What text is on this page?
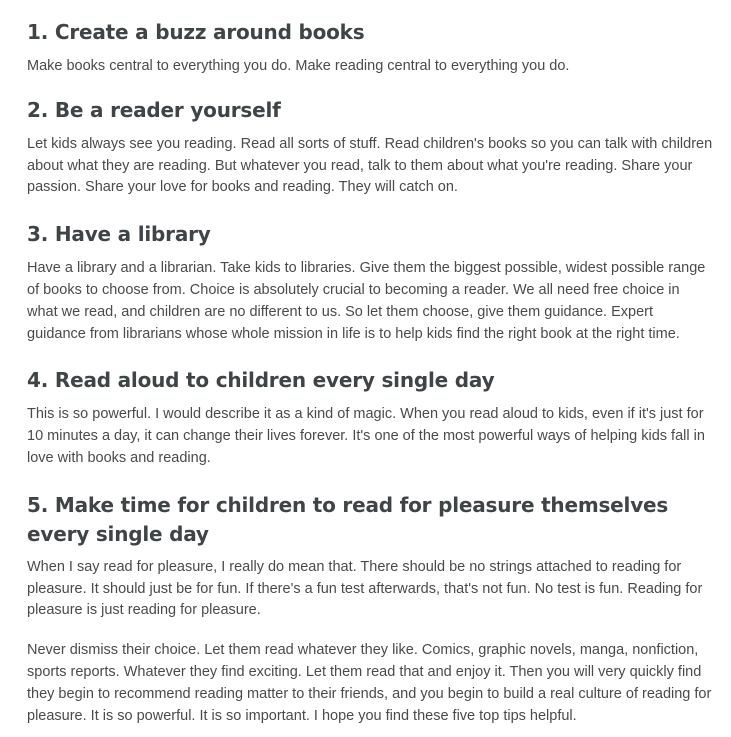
1. Create a buzz around books

Make books central to everything you do. Make reading central to everything you do.

2. Be a reader yourself

Let kids always see you reading. Read all sorts of stuff. Read children's books so you can talk with children about what they are reading. But whatever you read, talk to them about what you're reading. Share your passion. Share your love for books and reading. They will catch on.

3. Have a library

Have a library and a librarian. Take kids to libraries. Give them the biggest possible, widest possible range of books to choose from. Choice is absolutely crucial to becoming a reader. We all need free choice in what we read, and children are no different to us. So let them choose, give them guidance. Expert guidance from librarians whose whole mission in life is to help kids find the right book at the right time.

4. Read aloud to children every single day

This is so powerful. I would describe it as a kind of magic. When you read aloud to kids, even if it's just for 10 minutes a day, it can change their lives forever. It's one of the most powerful ways of helping kids fall in love with books and reading.

5. Make time for children to read for pleasure themselves every single day

When I say read for pleasure, I really do mean that. There should be no strings attached to reading for pleasure. It should just be for fun. If there's a fun test afterwards, that's not fun. No test is fun. Reading for pleasure is just reading for pleasure.

Never dismiss their choice. Let them read whatever they like. Comics, graphic novels, manga, nonfiction, sports reports. Whatever they find exciting. Let them read that and enjoy it. Then you will very quickly find they begin to recommend reading matter to their friends, and you begin to build a real culture of reading for pleasure. It is so powerful. It is so important. I hope you find these five top tips helpful.
